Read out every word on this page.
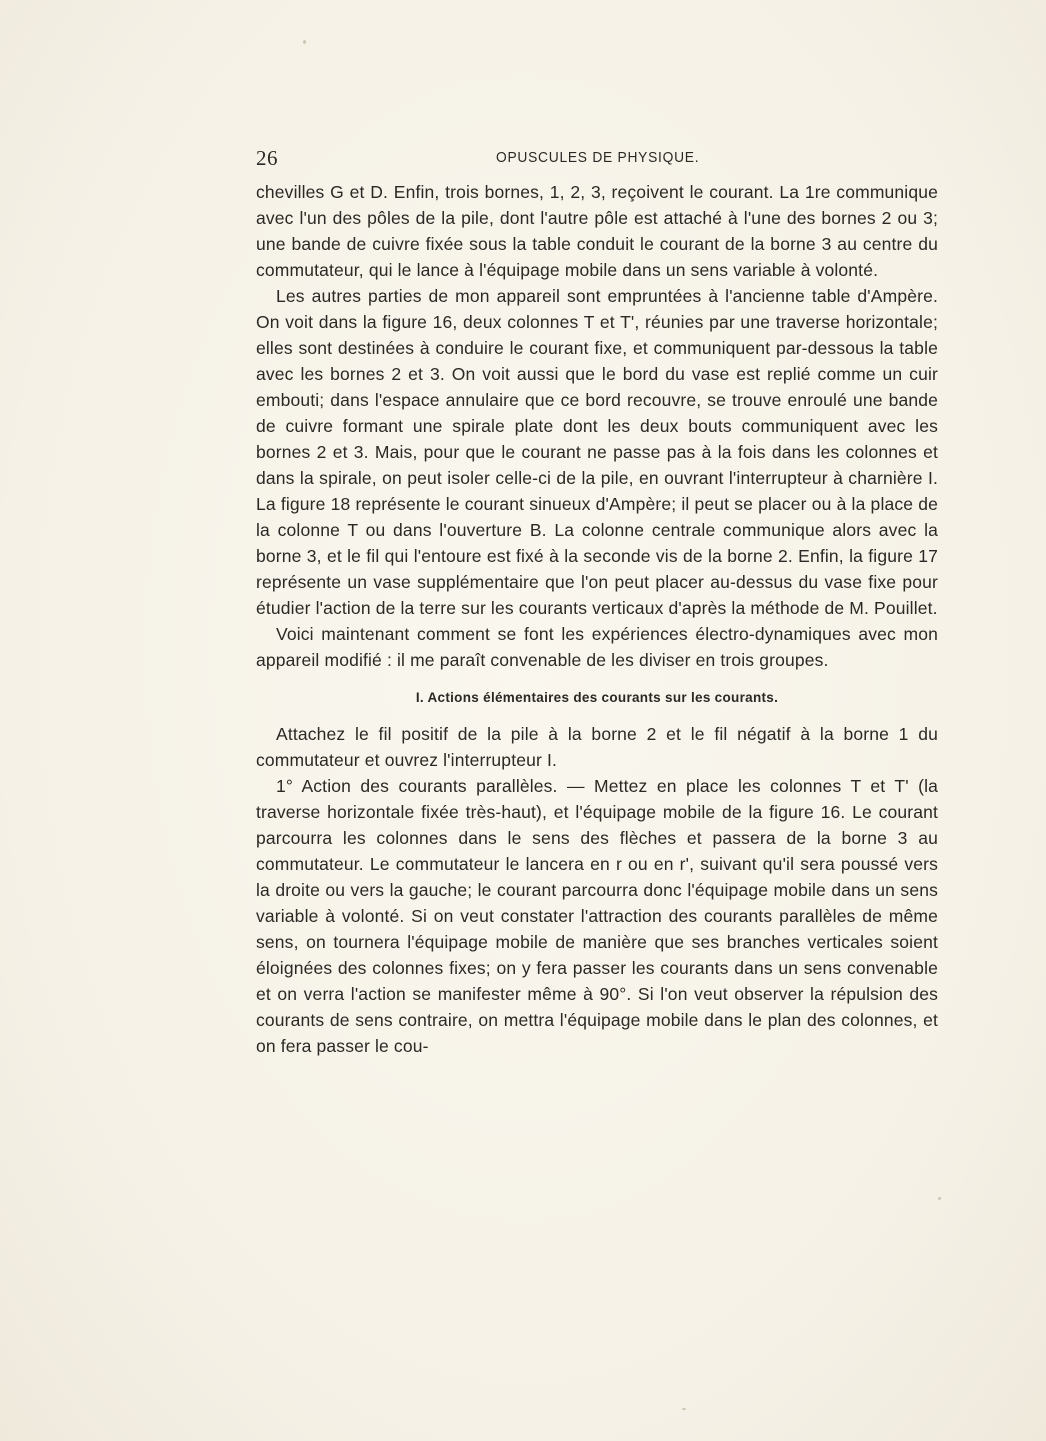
26	OPUSCULES DE PHYSIQUE.

chevilles G et D. Enfin, trois bornes, 1, 2, 3, reçoivent le courant. La 1re communique avec l'un des pôles de la pile, dont l'autre pôle est attaché à l'une des bornes 2 ou 3; une bande de cuivre fixée sous la table conduit le courant de la borne 3 au centre du commutateur, qui le lance à l'équipage mobile dans un sens variable à volonté.

Les autres parties de mon appareil sont empruntées à l'ancienne table d'Ampère. On voit dans la figure 16, deux colonnes T et T', réunies par une traverse horizontale; elles sont destinées à conduire le courant fixe, et communiquent par-dessous la table avec les bornes 2 et 3. On voit aussi que le bord du vase est replié comme un cuir embouti; dans l'espace annulaire que ce bord recouvre, se trouve enroulé une bande de cuivre formant une spirale plate dont les deux bouts communiquent avec les bornes 2 et 3. Mais, pour que le courant ne passe pas à la fois dans les colonnes et dans la spirale, on peut isoler celle-ci de la pile, en ouvrant l'interrupteur à charnière I. La figure 18 représente le courant sinueux d'Ampère; il peut se placer ou à la place de la colonne T ou dans l'ouverture B. La colonne centrale communique alors avec la borne 3, et le fil qui l'entoure est fixé à la seconde vis de la borne 2. Enfin, la figure 17 représente un vase supplémentaire que l'on peut placer au-dessus du vase fixe pour étudier l'action de la terre sur les courants verticaux d'après la méthode de M. Pouillet.

Voici maintenant comment se font les expériences électro-dynamiques avec mon appareil modifié : il me paraît convenable de les diviser en trois groupes.

I. Actions élémentaires des courants sur les courants.

Attachez le fil positif de la pile à la borne 2 et le fil négatif à la borne 1 du commutateur et ouvrez l'interrupteur I.

1° Action des courants parallèles. — Mettez en place les colonnes T et T' (la traverse horizontale fixée très-haut), et l'équipage mobile de la figure 16. Le courant parcourra les colonnes dans le sens des flèches et passera de la borne 3 au commutateur. Le commutateur le lancera en r ou en r', suivant qu'il sera poussé vers la droite ou vers la gauche; le courant parcourra donc l'équipage mobile dans un sens variable à volonté. Si on veut constater l'attraction des courants parallèles de même sens, on tournera l'équipage mobile de manière que ses branches verticales soient éloignées des colonnes fixes; on y fera passer les courants dans un sens convenable et on verra l'action se manifester même à 90°. Si l'on veut observer la répulsion des courants de sens contraire, on mettra l'équipage mobile dans le plan des colonnes, et on fera passer le cou-
